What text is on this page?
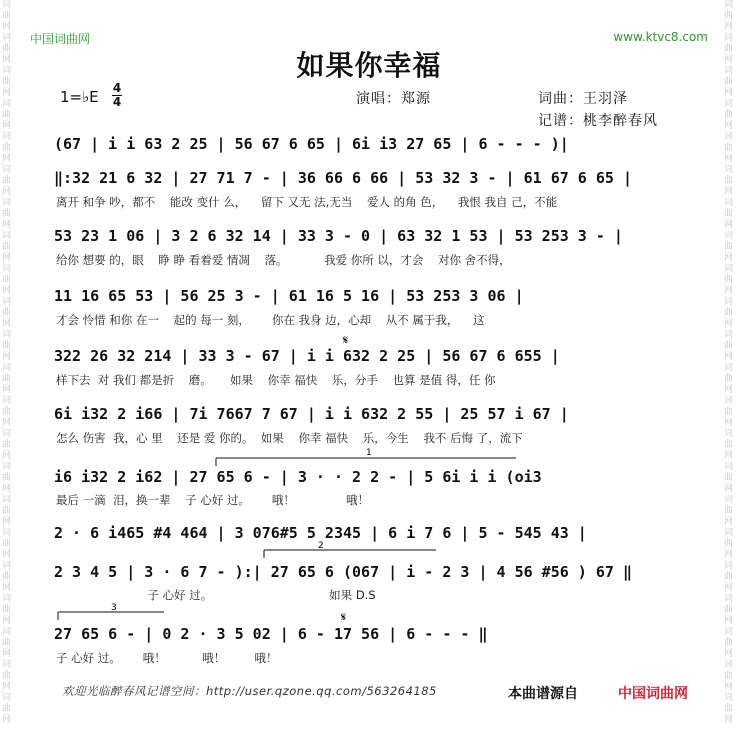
词曲网词曲网词曲网词曲网词曲网词曲网词曲网词曲网词曲网词曲网词曲网词曲网词曲网词曲网词曲网词曲网词曲网词曲网词曲网词曲网词曲网词曲网
词曲网词曲网词曲网词曲网词曲网词曲网词曲网词曲网词曲网词曲网词曲网词曲网词曲网词曲网词曲网词曲网词曲网词曲网词曲网词曲网词曲网词曲网
中国词曲网	www.ktvc8.com
如果你幸福
1=♭E 4
4	演唱：郑源	词曲：王羽泽
记谱：桃李醉春风
(67 | i i 63 2 25 | 56 67 6 65 | 6i i3 27 65 | 6 - - - )|
‖:32 21 6 32 | 27 71 7 - | 36 66 6 66 | 53 32 3 - | 61 67 6 65 |
离开 和争 吵，都不    能改 变什 么，    留下 又无 法,无当    爱人 的角 色，    我恨 我自 己，不能
53 23 1 06 | 3 2 6 32 14 | 33 3 - 0 | 63 32 1 53 | 53 253 3 - |
给你 想要 的，眼    睁 睁 看着爱 情凋    落。          我爱 你所 以，才会    对你 舍不得，
11 16 65 53 | 56 25 3 - | 61 16 5 16 | 53 253 3 06 |
才会 怜惜 和你 在一    起的 每一 刻，      你在 我身 边，心却    从不 属于我，    这
322 26 32 214 | 33 3 - 67 | i i 632 2 25 | 56 67 6 655 |
样下去  对 我们 都是折    磨。     如果    你幸 福快    乐，分手    也算 是值 得，任 你
6i i32 2 i66 | 7i 7667 7 67 | i i 632 2 55 | 25 57 i 67 |
怎么 伤害  我，心 里    还是 爱 你的。  如果    你幸 福快    乐，今生    我不 后悔 了，流下
i6 i32 2 i62 | 27 65 6 - | 3 · · 2 2 - | 5 6i i i (oi3
最后 一滴  泪，换一辈    子 心好 过。      哦！              哦！
2 · 6 i465 #4 464 | 3 076#5 5 2345 | 6 i 7 6 | 5 - 545 43 |
2 3 4 5 | 3 · 6 7 - ):| 27 65 6 (067 | i - 2 3 | 4 56 #56 ) 67 ‖
子 心好 过。                                如果 D.S
27 65 6 - | 0 2 · 3 5 02 | 6 - 17 56 | 6 - - - ‖
子 心好 过。      哦！          哦！        哦！
1
2
3
𝄋
𝄋
欢迎光临醉春风记谱空间：http://user.qzone.qq.com/563264185	本曲谱源自	中国词曲网
